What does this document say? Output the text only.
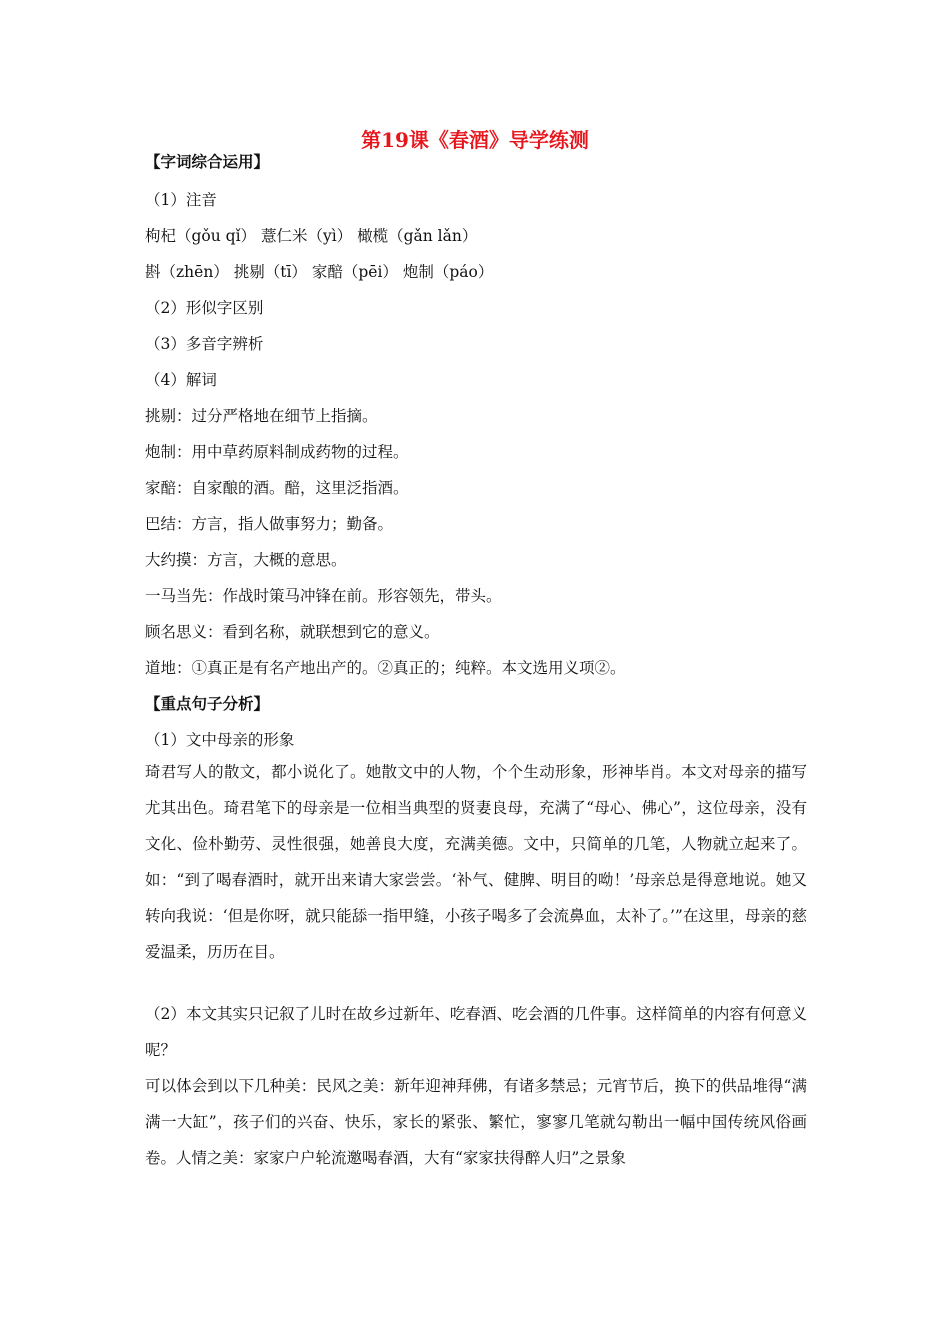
第19课《春酒》导学练测
【字词综合运用】
（1）注音
枸杞（gǒu qǐ） 薏仁米（yì） 橄榄（gǎn lǎn）
斟（zhēn） 挑剔（tī） 家醅（pēi） 炮制（páo）
（2）形似字区别
（3）多音字辨析
（4）解词
挑剔：过分严格地在细节上指摘。
炮制：用中草药原料制成药物的过程。
家醅：自家酿的酒。醅，这里泛指酒。
巴结：方言，指人做事努力；勤备。
大约摸：方言，大概的意思。
一马当先：作战时策马冲锋在前。形容领先，带头。
顾名思义：看到名称，就联想到它的意义。
道地：①真正是有名产地出产的。②真正的；纯粹。本文选用义项②。
【重点句子分析】
（1）文中母亲的形象
琦君写人的散文，都小说化了。她散文中的人物，个个生动形象，形神毕肖。本文对母亲的描写尤其出色。琦君笔下的母亲是一位相当典型的贤妻良母，充满了“母心、佛心”，这位母亲，没有文化、俭朴勤劳、灵性很强，她善良大度，充满美德。文中，只简单的几笔，人物就立起来了。如：“到了喝春酒时，就开出来请大家尝尝。‘补气、健脾、明目的呦！’母亲总是得意地说。她又转向我说：‘但是你呀，就只能舔一指甲缝，小孩子喝多了会流鼻血，太补了。’”在这里，母亲的慈爱温柔，历历在目。
（2）本文其实只记叙了儿时在故乡过新年、吃春酒、吃会酒的几件事。这样简单的内容有何意义呢？
可以体会到以下几种美：民风之美：新年迎神拜佛，有诸多禁忌；元宵节后，换下的供品堆得“满满一大缸”，孩子们的兴奋、快乐，家长的紧张、繁忙，寥寥几笔就勾勒出一幅中国传统风俗画卷。人情之美：家家户户轮流邀喝春酒，大有“家家扶得醉人归”之景象
